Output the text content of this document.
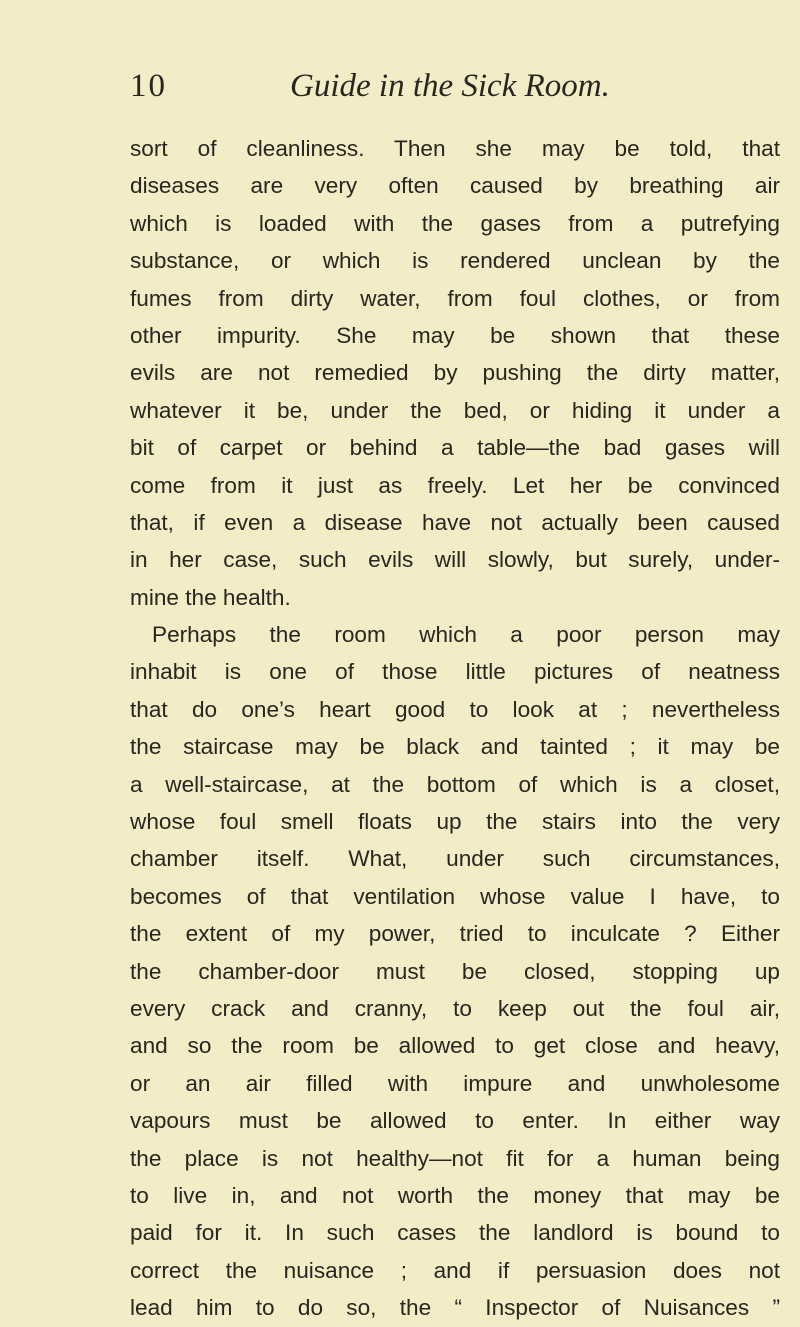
10	Guide in the Sick Room.
sort of cleanliness. Then she may be told, that
diseases are very often caused by breathing air
which is loaded with the gases from a putrefying
substance, or which is rendered unclean by the
fumes from dirty water, from foul clothes, or from
other impurity. She may be shown that these
evils are not remedied by pushing the dirty matter,
whatever it be, under the bed, or hiding it under a
bit of carpet or behind a table—the bad gases will
come from it just as freely. Let her be convinced
that, if even a disease have not actually been caused
in her case, such evils will slowly, but surely, under-
mine the health.
Perhaps the room which a poor person may
inhabit is one of those little pictures of neatness
that do one’s heart good to look at ; nevertheless
the staircase may be black and tainted ; it may be
a well-staircase, at the bottom of which is a closet,
whose foul smell floats up the stairs into the very
chamber itself. What, under such circumstances,
becomes of that ventilation whose value I have, to
the extent of my power, tried to inculcate ? Either
the chamber-door must be closed, stopping up
every crack and cranny, to keep out the foul air,
and so the room be allowed to get close and heavy,
or an air filled with impure and unwholesome
vapours must be allowed to enter. In either way
the place is not healthy—not fit for a human being
to live in, and not worth the money that may be
paid for it. In such cases the landlord is bound to
correct the nuisance ; and if persuasion does not
lead him to do so, the “ Inspector of Nuisances ”
